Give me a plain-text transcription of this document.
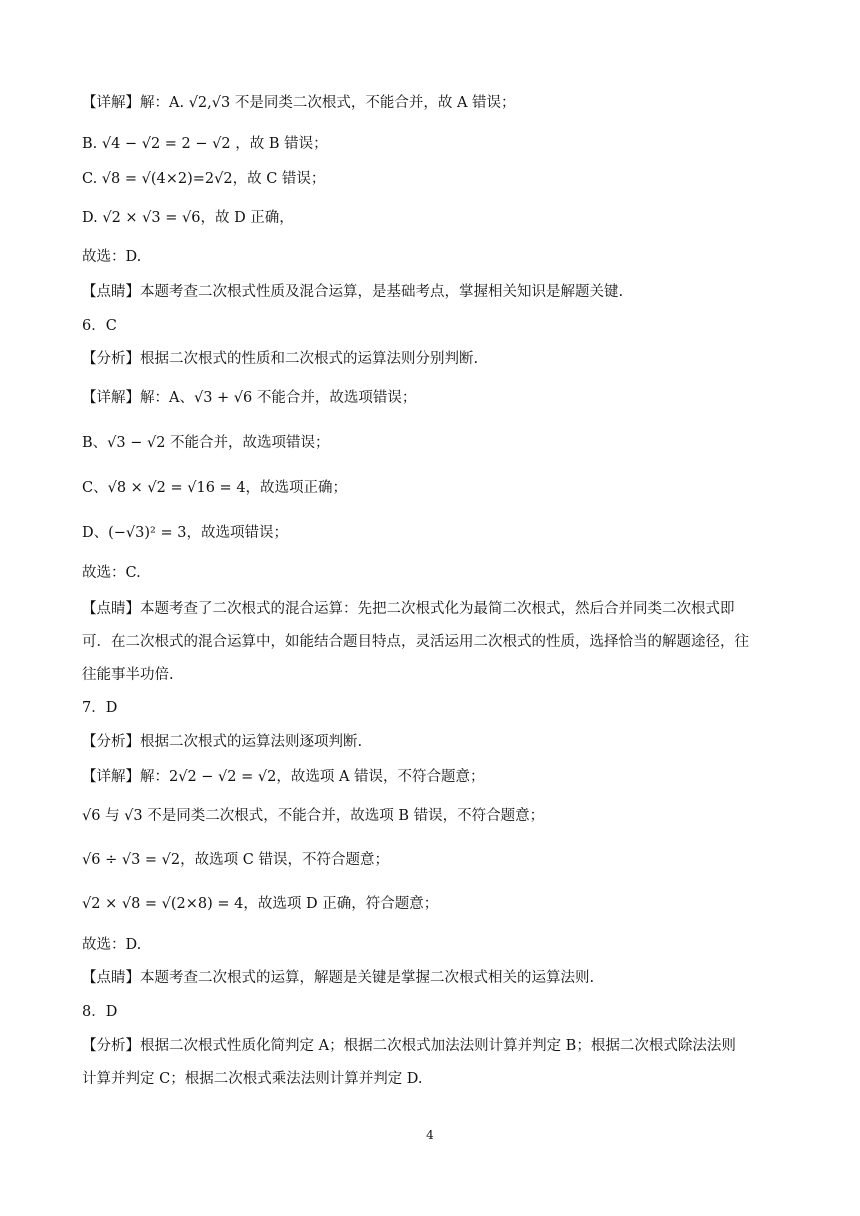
【详解】解：A. √2,√3 不是同类二次根式，不能合并，故 A 错误；
B. √4 − √2 = 2 − √2 ，故 B 错误；
C. √8 = √(4×2)=2√2，故 C 错误；
D. √2 × √3 = √6，故 D 正确，
故选：D.
【点睛】本题考查二次根式性质及混合运算，是基础考点，掌握相关知识是解题关键.
6．C
【分析】根据二次根式的性质和二次根式的运算法则分别判断.
【详解】解：A、√3 + √6 不能合并，故选项错误；
B、√3 − √2 不能合并，故选项错误；
C、√8 × √2 = √16 = 4，故选项正确；
D、(−√3)² = 3，故选项错误；
故选：C.
【点睛】本题考查了二次根式的混合运算：先把二次根式化为最简二次根式，然后合并同类二次根式即
可．在二次根式的混合运算中，如能结合题目特点，灵活运用二次根式的性质，选择恰当的解题途径，往
往能事半功倍.
7．D
【分析】根据二次根式的运算法则逐项判断.
【详解】解：2√2 − √2 = √2，故选项 A 错误，不符合题意；
√6 与 √3 不是同类二次根式，不能合并，故选项 B 错误，不符合题意；
√6 ÷ √3 = √2，故选项 C 错误，不符合题意；
√2 × √8 = √(2×8) = 4，故选项 D 正确，符合题意；
故选：D.
【点睛】本题考查二次根式的运算，解题是关键是掌握二次根式相关的运算法则.
8．D
【分析】根据二次根式性质化简判定 A；根据二次根式加法法则计算并判定 B；根据二次根式除法法则
计算并判定 C；根据二次根式乘法法则计算并判定 D.
4
